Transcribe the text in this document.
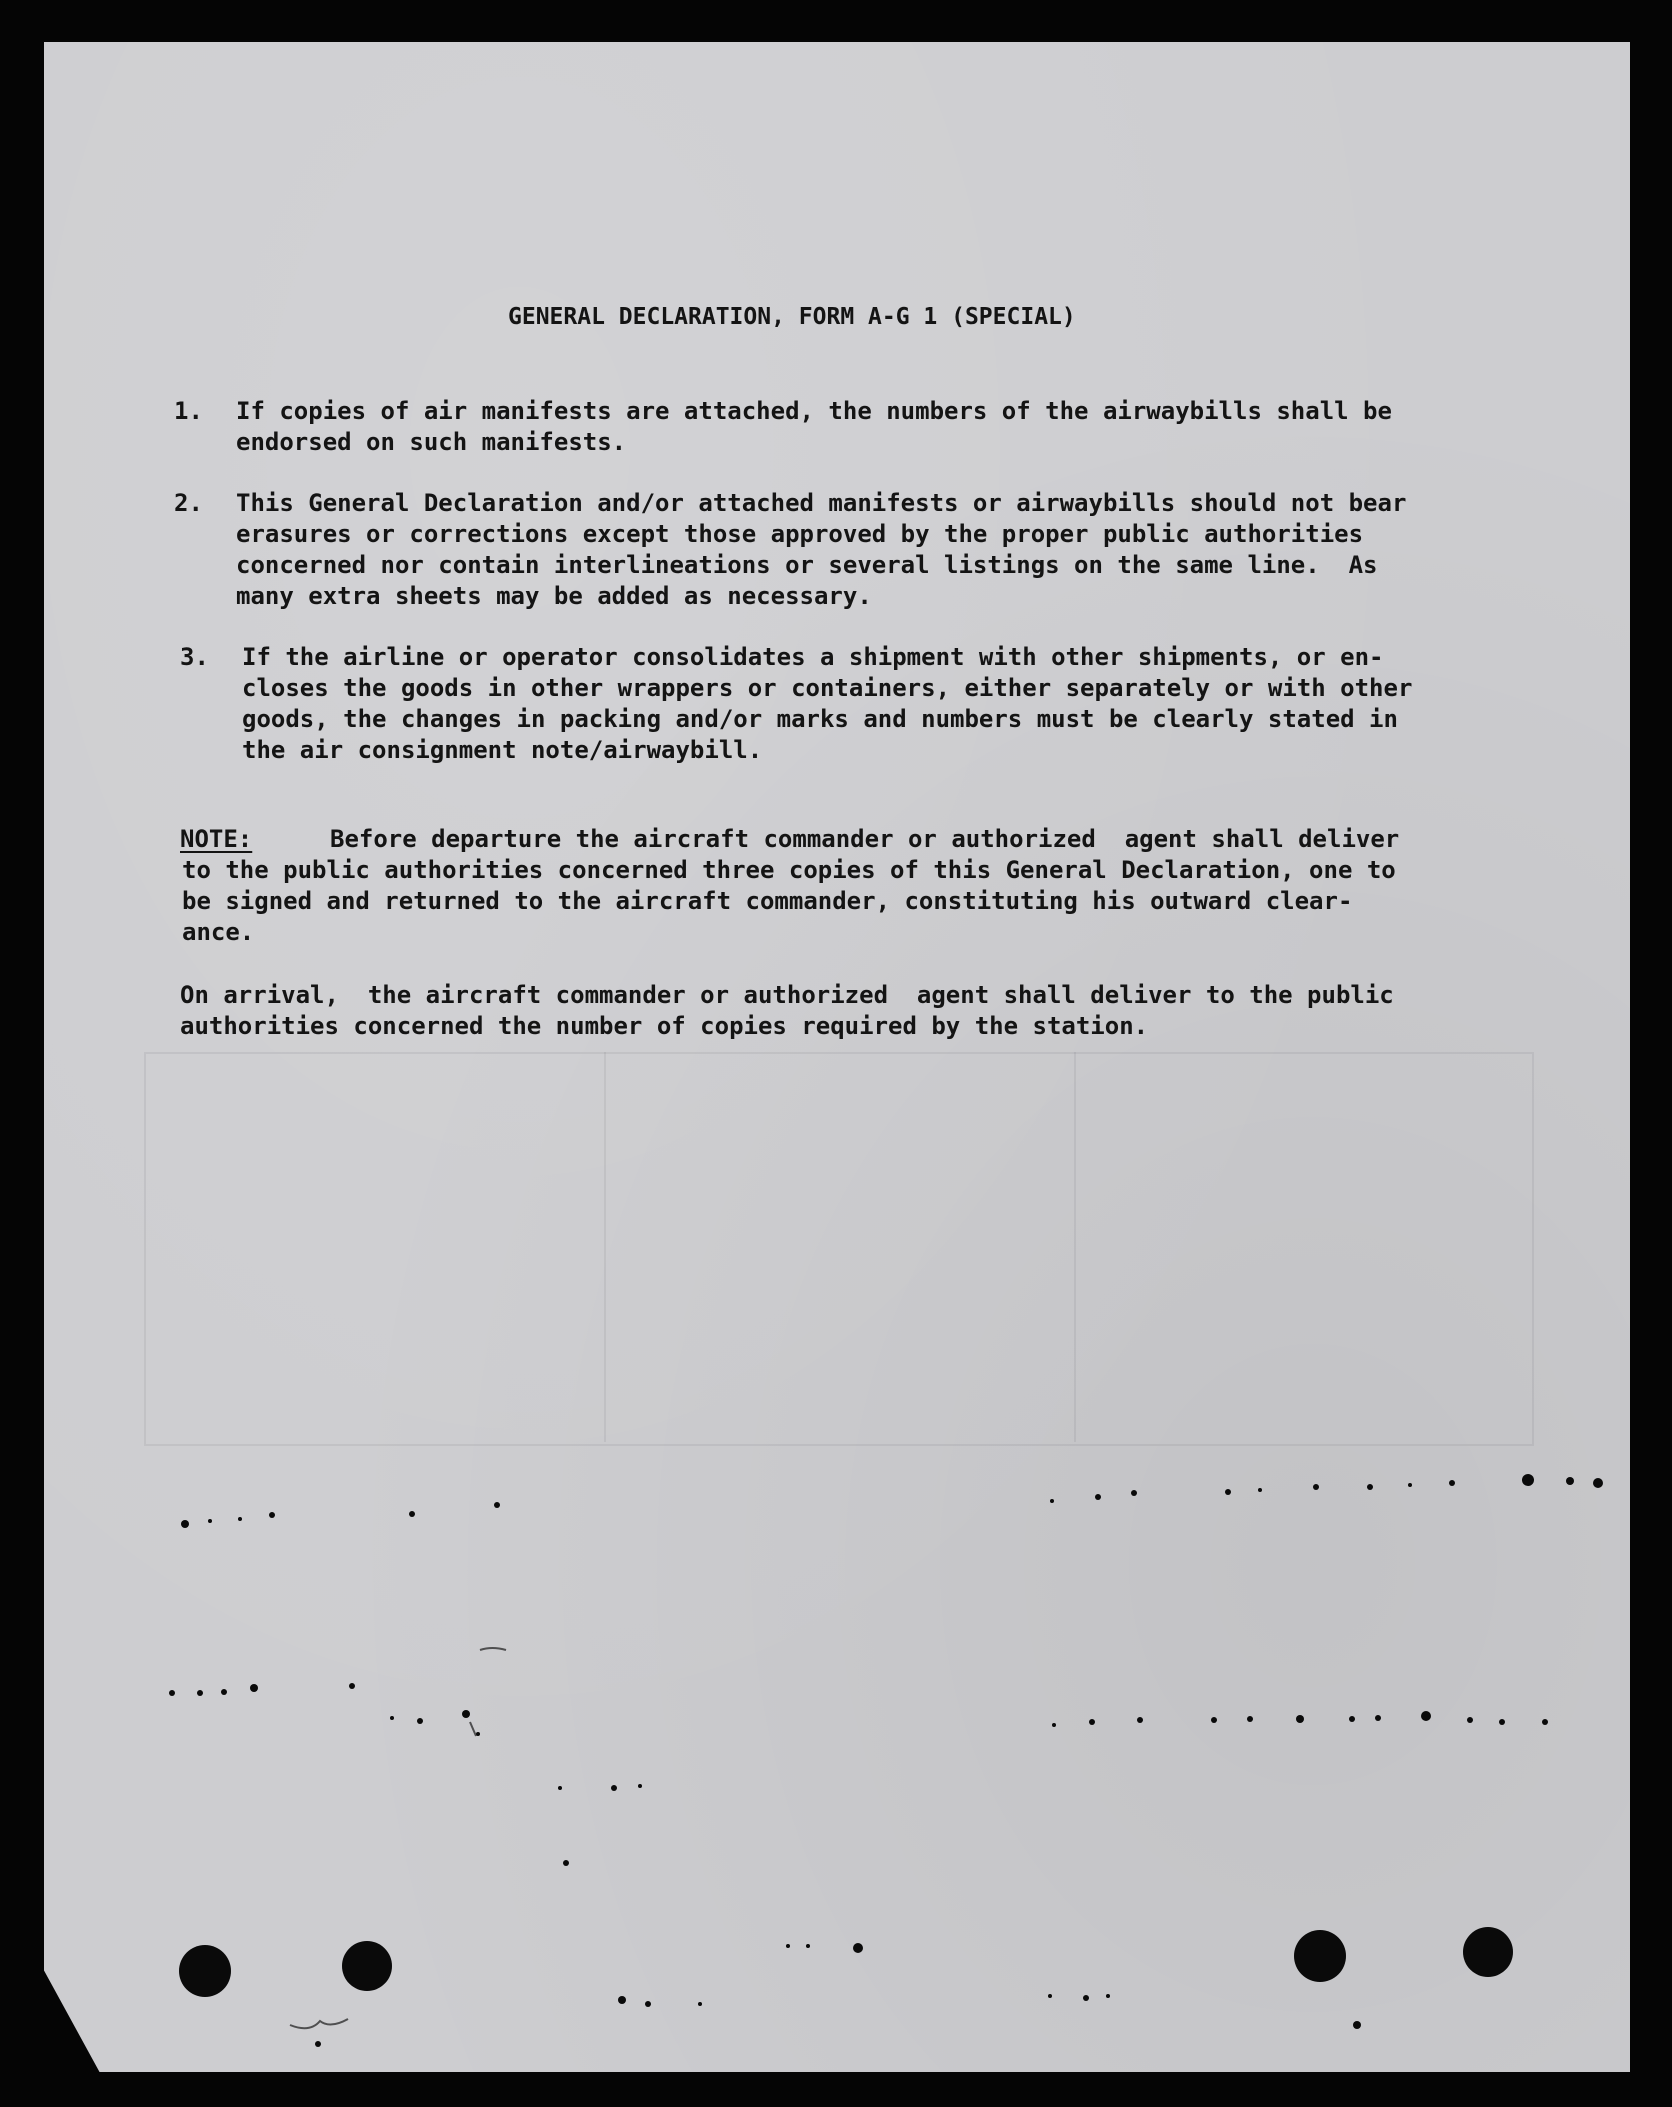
GENERAL DECLARATION, FORM A-G 1 (SPECIAL)
1. If copies of air manifests are attached, the numbers of the airwaybills shall be
endorsed on such manifests.
2. This General Declaration and/or attached manifests or airwaybills should not bear
erasures or corrections except those approved by the proper public authorities
concerned nor contain interlineations or several listings on the same line.  As
many extra sheets may be added as necessary.
3. If the airline or operator consolidates a shipment with other shipments, or en-
closes the goods in other wrappers or containers, either separately or with other
goods, the changes in packing and/or marks and numbers must be clearly stated in
the air consignment note/airwaybill.
NOTE:	Before departure the aircraft commander or authorized  agent shall deliver
to the public authorities concerned three copies of this General Declaration, one to
be signed and returned to the aircraft commander, constituting his outward clear-
ance.
On arrival,  the aircraft commander or authorized  agent shall deliver to the public
authorities concerned the number of copies required by the station.
